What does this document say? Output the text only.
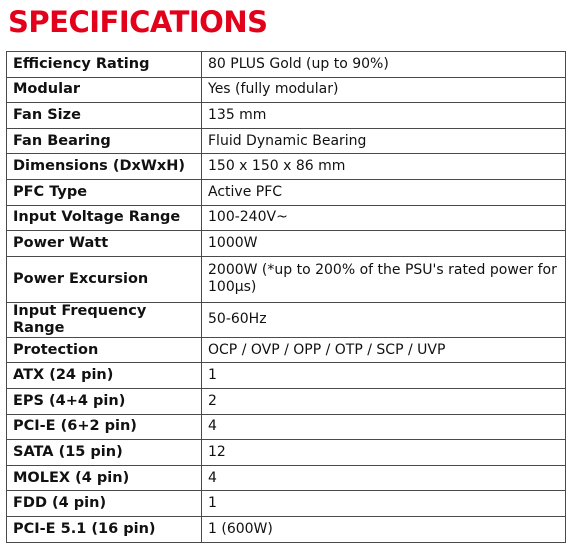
SPECIFICATIONS
Efficiency Rating	80 PLUS Gold (up to 90%)
Modular	Yes (fully modular)
Fan Size	135 mm
Fan Bearing	Fluid Dynamic Bearing
Dimensions (DxWxH)	150 x 150 x 86 mm
PFC Type	Active PFC
Input Voltage Range	100-240V~
Power Watt	1000W
Power Excursion	2000W (*up to 200% of the PSU's rated power for 100µs)
Input Frequency Range	50-60Hz
Protection	OCP / OVP / OPP / OTP / SCP / UVP
ATX (24 pin)	1
EPS (4+4 pin)	2
PCI-E (6+2 pin)	4
SATA (15 pin)	12
MOLEX (4 pin)	4
FDD (4 pin)	1
PCI-E 5.1 (16 pin)	1 (600W)
